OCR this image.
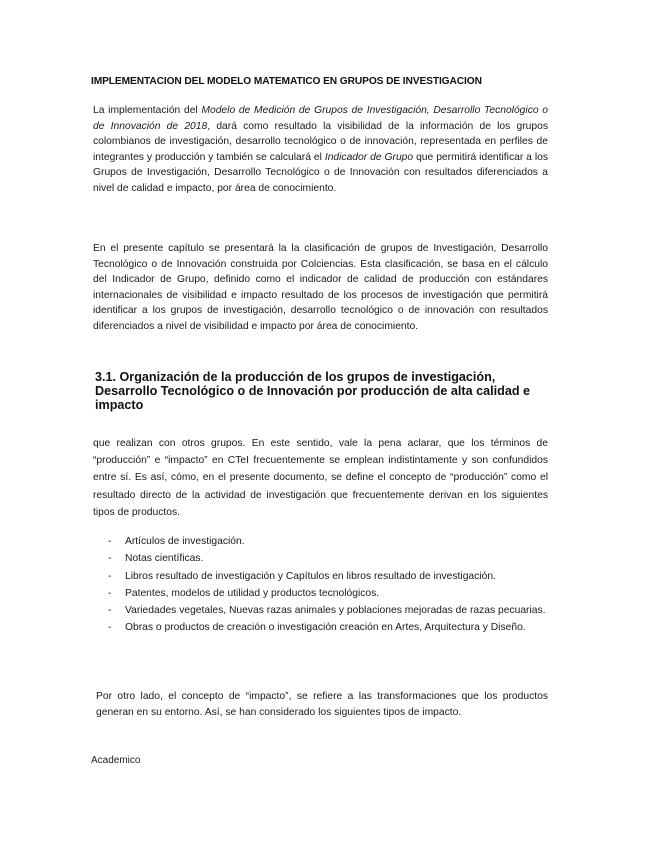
IMPLEMENTACION DEL MODELO MATEMATICO EN GRUPOS DE INVESTIGACION

La implementación del Modelo de Medición de Grupos de Investigación, Desarrollo Tecnológico o de Innovación de 2018, dará como resultado la visibilidad de la información de los grupos colombianos de investigación, desarrollo tecnológico o de innovación, representada en perfiles de integrantes y producción y también se calculará el Indicador de Grupo que permitirá identificar a los Grupos de Investigación, Desarrollo Tecnológico o de Innovación con resultados diferenciados a nivel de calidad e impacto, por área de conocimiento.

En el presente capítulo se presentará la la clasificación de grupos de Investigación, Desarrollo Tecnológico o de Innovación construida por Colciencias. Esta clasificación, se basa en el cálculo del Indicador de Grupo, definido como el indicador de calidad de producción con estándares internacionales de visibilidad e impacto resultado de los procesos de investigación que permitirá identificar a los grupos de investigación, desarrollo tecnológico o de innovación con resultados diferenciados a nivel de visibilidad e impacto por área de conocimiento.

3.1. Organización de la producción de los grupos de investigación, Desarrollo Tecnológico o de Innovación por producción de alta calidad e impacto

que realizan con otros grupos. En este sentido, vale la pena aclarar, que los términos de “producción” e “impacto” en CTeI frecuentemente se emplean indistintamente y son confundidos entre sí. Es así, cómo, en el presente documento, se define el concepto de “producción” como el resultado directo de la actividad de investigación que frecuentemente derivan en los siguientes tipos de productos.

- Artículos de investigación.
- Notas científicas.
- Libros resultado de investigación y Capítulos en libros resultado de investigación.
- Patentes, modelos de utilidad y productos tecnológicos.
- Variedades vegetales, Nuevas razas animales y poblaciones mejoradas de razas pecuarias.
- Obras o productos de creación o investigación creación en Artes, Arquitectura y Diseño.

Por otro lado, el concepto de “impacto”, se refiere a las transformaciones que los productos generan en su entorno. Así, se han considerado los siguientes tipos de impacto.

Academico
